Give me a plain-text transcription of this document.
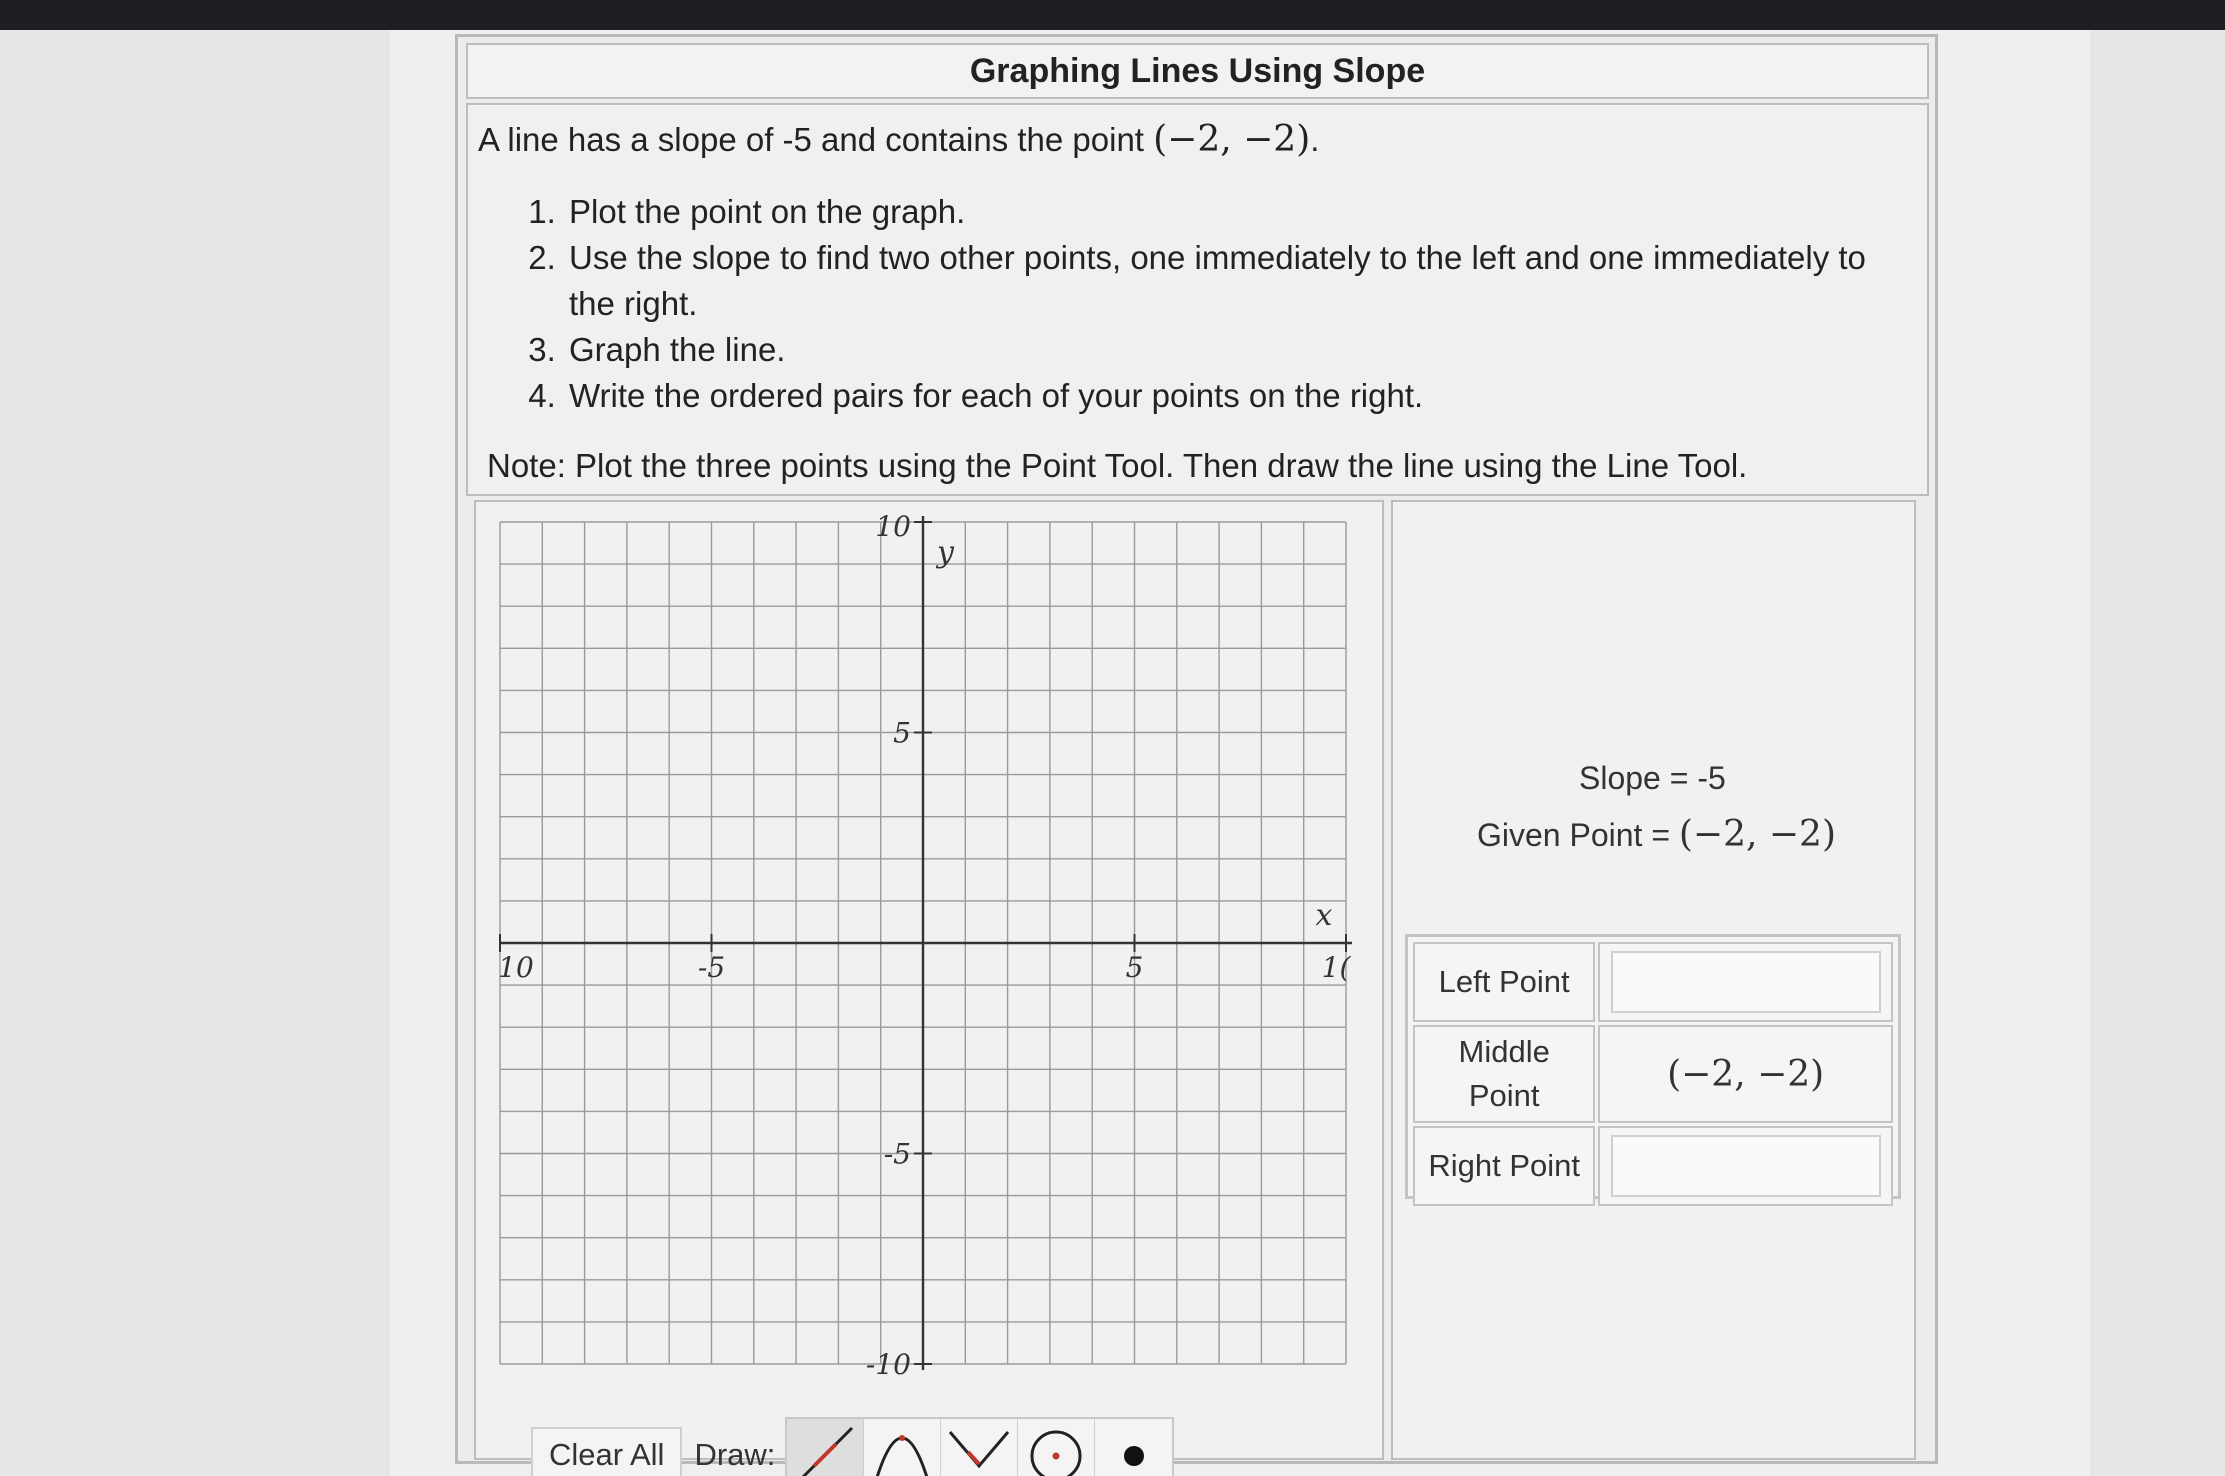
Graphing Lines Using Slope
A line has a slope of -5 and contains the point (−2, −2).
1. Plot the point on the graph.
2. Use the slope to find two other points, one immediately to the left and one immediately to the right.
3. Graph the line.
4. Write the ordered pairs for each of your points on the right.
Note: Plot the three points using the Point Tool. Then draw the line using the Line Tool.
10	-5	5	1(
10
5
-5
-10
x
y
Clear All Draw:
Slope = -5
Given Point = (−2, −2)
Left Point	
Middle
Point	(−2, −2)
Right Point	
